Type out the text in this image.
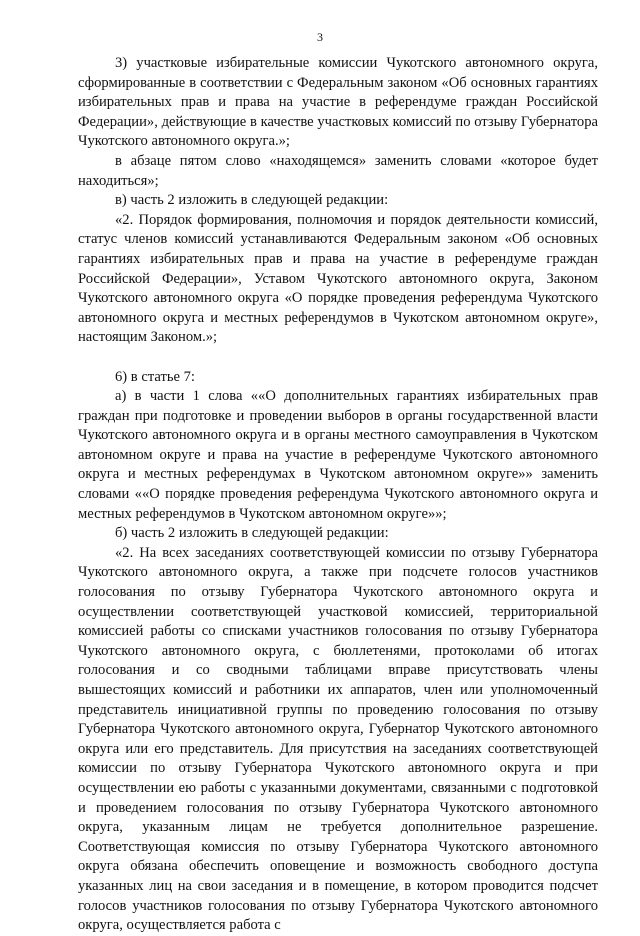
3

3) участковые избирательные комиссии Чукотского автономного округа, сформированные в соответствии с Федеральным законом «Об основных гарантиях избирательных прав и права на участие в референдуме граждан Российской Федерации», действующие в качестве участковых комиссий по отзыву Губернатора Чукотского автономного округа.»;

в абзаце пятом слово «находящемся» заменить словами «которое будет находиться»;

в) часть 2 изложить в следующей редакции:

«2. Порядок формирования, полномочия и порядок деятельности комиссий, статус членов комиссий устанавливаются Федеральным законом «Об основных гарантиях избирательных прав и права на участие в референдуме граждан Российской Федерации», Уставом Чукотского автономного округа, Законом Чукотского автономного округа «О порядке проведения референдума Чукотского автономного округа и местных референдумов в Чукотском автономном округе», настоящим Законом.»;

6) в статье 7:

а) в части 1 слова ««О дополнительных гарантиях избирательных прав граждан при подготовке и проведении выборов в органы государственной власти Чукотского автономного округа и в органы местного самоуправления в Чукотском автономном округе и права на участие в референдуме Чукотского автономного округа и местных референдумах в Чукотском автономном округе»» заменить словами ««О порядке проведения референдума Чукотского автономного округа и местных референдумов в Чукотском автономном округе»»;

б) часть 2 изложить в следующей редакции:

«2. На всех заседаниях соответствующей комиссии по отзыву Губернатора Чукотского автономного округа, а также при подсчете голосов участников голосования по отзыву Губернатора Чукотского автономного округа и осуществлении соответствующей участковой комиссией, территориальной комиссией работы со списками участников голосования по отзыву Губернатора Чукотского автономного округа, с бюллетенями, протоколами об итогах голосования и со сводными таблицами вправе присутствовать члены вышестоящих комиссий и работники их аппаратов, член или уполномоченный представитель инициативной группы по проведению голосования по отзыву Губернатора Чукотского автономного округа, Губернатор Чукотского автономного округа или его представитель. Для присутствия на заседаниях соответствующей комиссии по отзыву Губернатора Чукотского автономного округа и при осуществлении ею работы с указанными документами, связанными с подготовкой и проведением голосования по отзыву Губернатора Чукотского автономного округа, указанным лицам не требуется дополнительное разрешение. Соответствующая комиссия по отзыву Губернатора Чукотского автономного округа обязана обеспечить оповещение и возможность свободного доступа указанных лиц на свои заседания и в помещение, в котором проводится подсчет голосов участников голосования по отзыву Губернатора Чукотского автономного округа, осуществляется работа с
